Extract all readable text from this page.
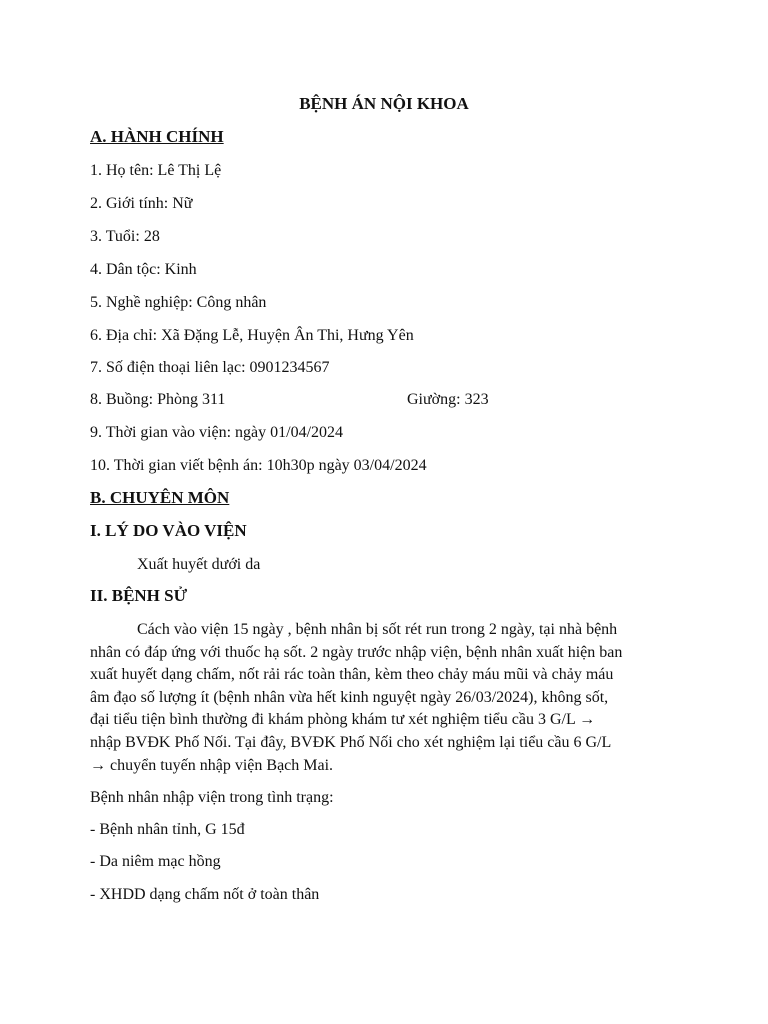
BỆNH ÁN NỘI KHOA
A. HÀNH CHÍNH
1. Họ tên: Lê Thị Lệ
2. Giới tính: Nữ
3. Tuổi: 28
4. Dân tộc: Kinh
5. Nghề nghiệp: Công nhân
6. Địa chỉ: Xã Đặng Lễ, Huyện Ân Thi, Hưng Yên
7. Số điện thoại liên lạc: 0901234567
8. Buồng: Phòng 311	Giường: 323
9. Thời gian vào viện: ngày 01/04/2024
10. Thời gian viết bệnh án: 10h30p ngày 03/04/2024
B. CHUYÊN MÔN
I. LÝ DO VÀO VIỆN
Xuất huyết dưới da
II. BỆNH SỬ
Cách vào viện 15 ngày , bệnh nhân bị sốt rét run trong 2 ngày, tại nhà bệnh
nhân có đáp ứng với thuốc hạ sốt. 2 ngày trước nhập viện, bệnh nhân xuất hiện ban
xuất huyết dạng chấm, nốt rải rác toàn thân, kèm theo chảy máu mũi và chảy máu
âm đạo số lượng ít (bệnh nhân vừa hết kinh nguyệt ngày 26/03/2024), không sốt,
đại tiểu tiện bình thường đi khám phòng khám tư xét nghiệm tiểu cầu 3 G/L →
nhập BVĐK Phố Nối. Tại đây, BVĐK Phố Nối cho xét nghiệm lại tiểu cầu 6 G/L
→ chuyển tuyến nhập viện Bạch Mai.
Bệnh nhân nhập viện trong tình trạng:
- Bệnh nhân tỉnh, G 15đ
- Da niêm mạc hồng
- XHDD dạng chấm nốt ở toàn thân
